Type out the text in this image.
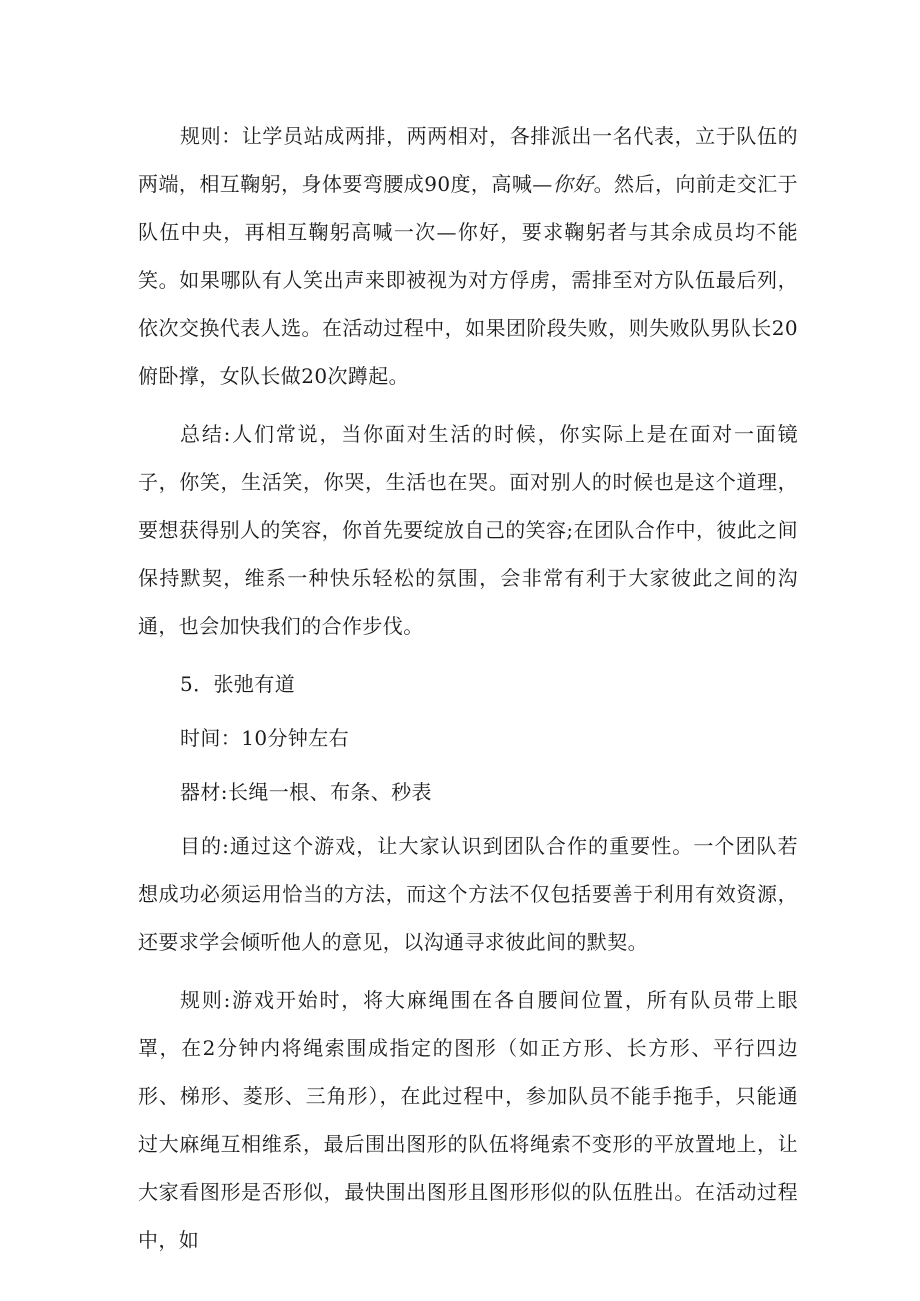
规则：让学员站成两排，两两相对，各排派出一名代表，立于队伍的两端，相互鞠躬，身体要弯腰成90度，高喊—你好。然后，向前走交汇于队伍中央，再相互鞠躬高喊一次—你好，要求鞠躬者与其余成员均不能笑。如果哪队有人笑出声来即被视为对方俘虏，需排至对方队伍最后列，依次交换代表人选。在活动过程中，如果团阶段失败，则失败队男队长20俯卧撑，女队长做20次蹲起。

总结:人们常说，当你面对生活的时候，你实际上是在面对一面镜子，你笑，生活笑，你哭，生活也在哭。面对别人的时候也是这个道理，要想获得别人的笑容，你首先要绽放自己的笑容;在团队合作中，彼此之间保持默契，维系一种快乐轻松的氛围，会非常有利于大家彼此之间的沟通，也会加快我们的合作步伐。

5．张弛有道

时间：10分钟左右

器材:长绳一根、布条、秒表

目的:通过这个游戏，让大家认识到团队合作的重要性。一个团队若想成功必须运用恰当的方法，而这个方法不仅包括要善于利用有效资源，还要求学会倾听他人的意见，以沟通寻求彼此间的默契。

规则:游戏开始时，将大麻绳围在各自腰间位置，所有队员带上眼罩，在2分钟内将绳索围成指定的图形（如正方形、长方形、平行四边形、梯形、菱形、三角形），在此过程中，参加队员不能手拖手，只能通过大麻绳互相维系，最后围出图形的队伍将绳索不变形的平放置地上，让大家看图形是否形似，最快围出图形且图形形似的队伍胜出。在活动过程中，如
